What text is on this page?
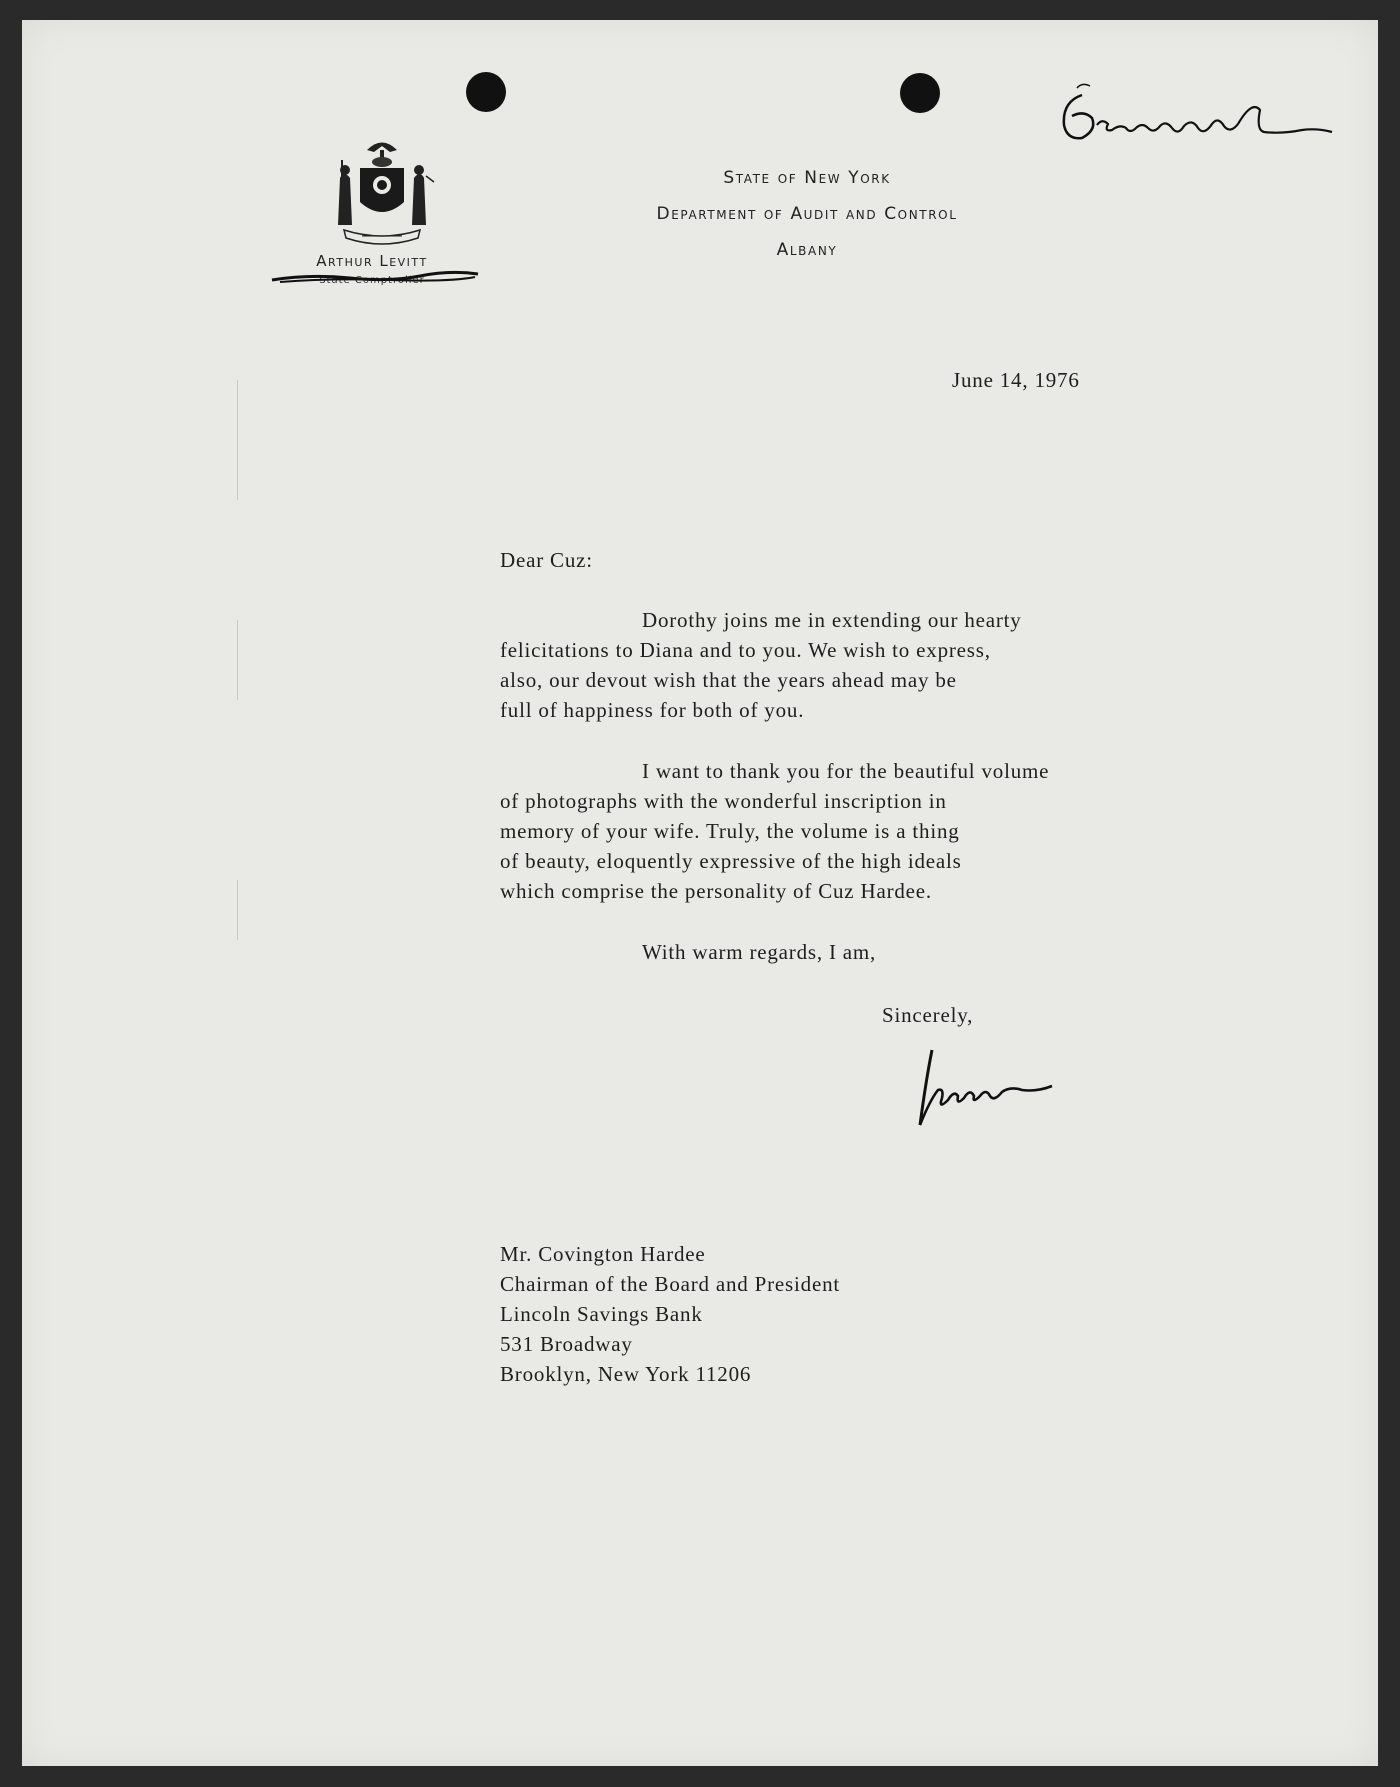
Arthur Levitt
State Comptroller
State of New York
Department of Audit and Control
Albany
June 14, 1976
Dear Cuz:
Dorothy joins me in extending our hearty
felicitations to Diana and to you. We wish to express,
also, our devout wish that the years ahead may be
full of happiness for both of you.
I want to thank you for the beautiful volume
of photographs with the wonderful inscription in
memory of your wife. Truly, the volume is a thing
of beauty, eloquently expressive of the high ideals
which comprise the personality of Cuz Hardee.
With warm regards, I am,
Sincerely,
Mr. Covington Hardee
Chairman of the Board and President
Lincoln Savings Bank
531 Broadway
Brooklyn, New York 11206
